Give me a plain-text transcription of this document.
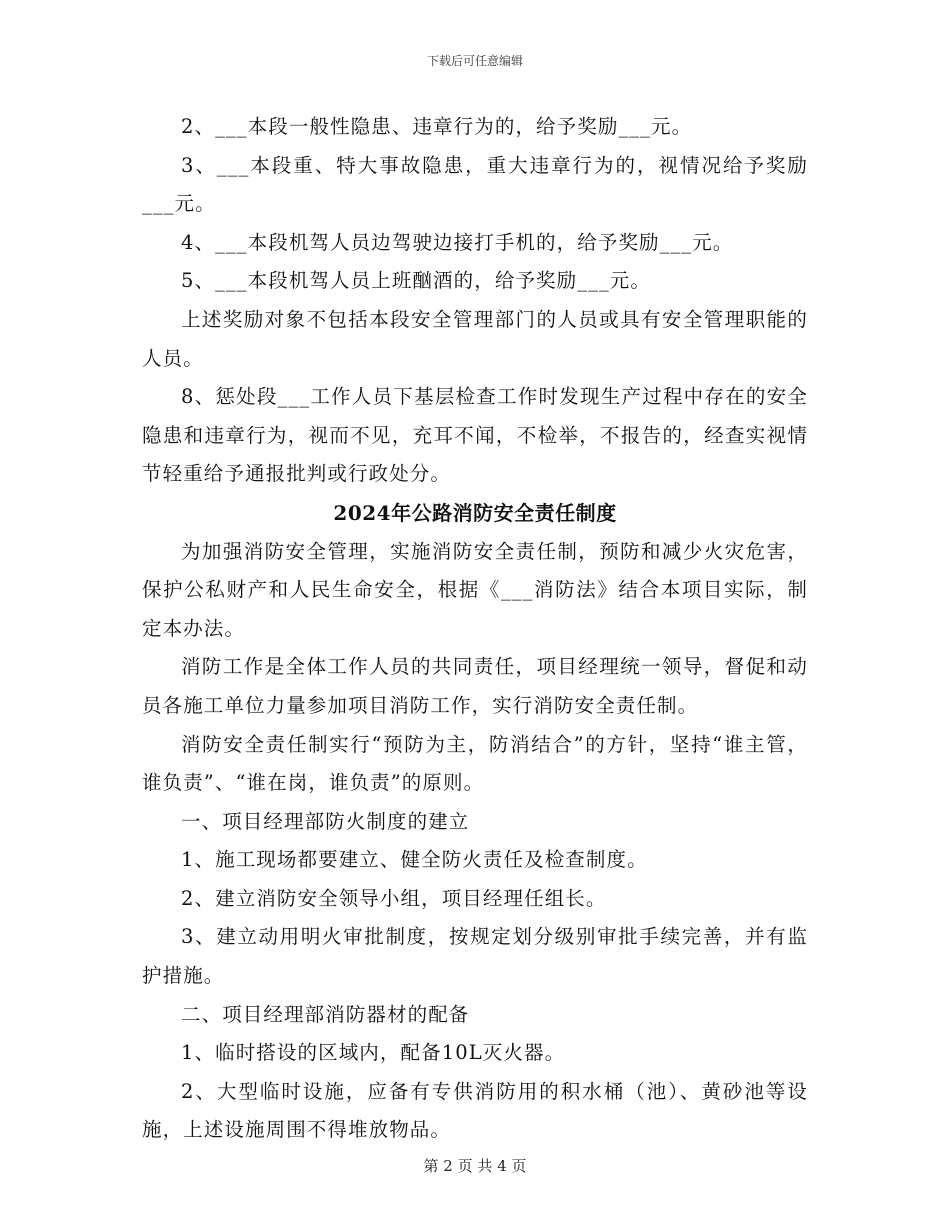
下载后可任意编辑

2、___本段一般性隐患、违章行为的，给予奖励___元。

3、___本段重、特大事故隐患，重大违章行为的，视情况给予奖励___元。

4、___本段机驾人员边驾驶边接打手机的，给予奖励___元。

5、___本段机驾人员上班酗酒的，给予奖励___元。

上述奖励对象不包括本段安全管理部门的人员或具有安全管理职能的人员。

8、惩处段___工作人员下基层检查工作时发现生产过程中存在的安全隐患和违章行为，视而不见，充耳不闻，不检举，不报告的，经查实视情节轻重给予通报批判或行政处分。

2024年公路消防安全责任制度

为加强消防安全管理，实施消防安全责任制，预防和减少火灾危害，保护公私财产和人民生命安全，根据《___消防法》结合本项目实际，制定本办法。

消防工作是全体工作人员的共同责任，项目经理统一领导，督促和动员各施工单位力量参加项目消防工作，实行消防安全责任制。

消防安全责任制实行“预防为主，防消结合”的方针，坚持“谁主管，谁负责”、“谁在岗，谁负责”的原则。

一、项目经理部防火制度的建立

1、施工现场都要建立、健全防火责任及检查制度。

2、建立消防安全领导小组，项目经理任组长。

3、建立动用明火审批制度，按规定划分级别审批手续完善，并有监护措施。

二、项目经理部消防器材的配备

1、临时搭设的区域内，配备10L灭火器。

2、大型临时设施，应备有专供消防用的积水桶（池）、黄砂池等设施，上述设施周围不得堆放物品。

第 2 页 共 4 页
